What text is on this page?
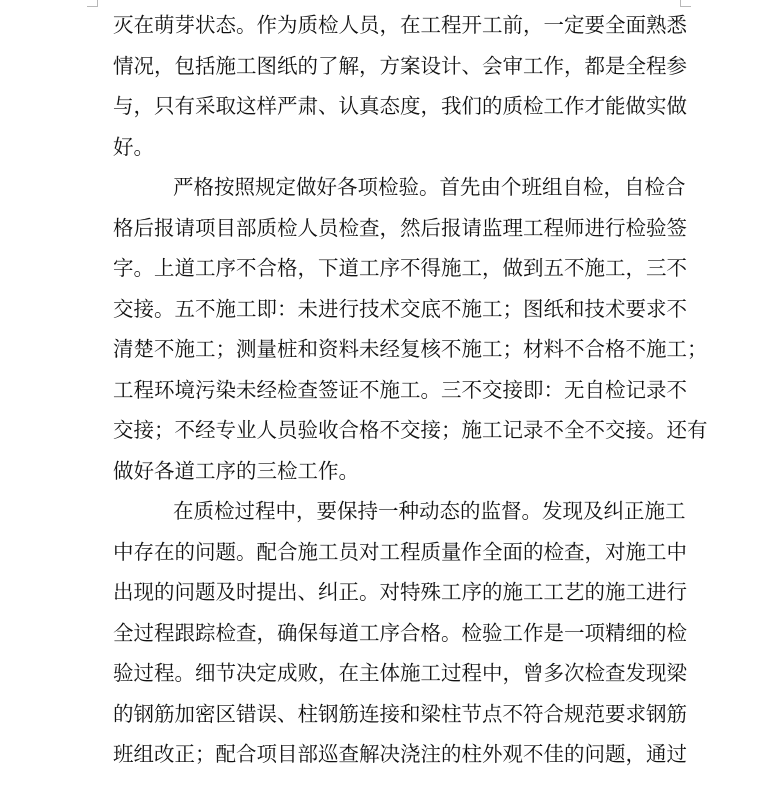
灭在萌芽状态。作为质检人员，在工程开工前，一定要全面熟悉
情况，包括施工图纸的了解，方案设计、会审工作，都是全程参
与，只有采取这样严肃、认真态度，我们的质检工作才能做实做
好。
严格按照规定做好各项检验。首先由个班组自检，自检合
格后报请项目部质检人员检查，然后报请监理工程师进行检验签
字。上道工序不合格，下道工序不得施工，做到五不施工，三不
交接。五不施工即：未进行技术交底不施工；图纸和技术要求不
清楚不施工；测量桩和资料未经复核不施工；材料不合格不施工；
工程环境污染未经检查签证不施工。三不交接即：无自检记录不
交接；不经专业人员验收合格不交接；施工记录不全不交接。还有
做好各道工序的三检工作。
在质检过程中，要保持一种动态的监督。发现及纠正施工
中存在的问题。配合施工员对工程质量作全面的检查，对施工中
出现的问题及时提出、纠正。对特殊工序的施工工艺的施工进行
全过程跟踪检查，确保每道工序合格。检验工作是一项精细的检
验过程。细节决定成败，在主体施工过程中，曾多次检查发现梁
的钢筋加密区错误、柱钢筋连接和梁柱节点不符合规范要求钢筋
班组改正；配合项目部巡查解决浇注的柱外观不佳的问题，通过
